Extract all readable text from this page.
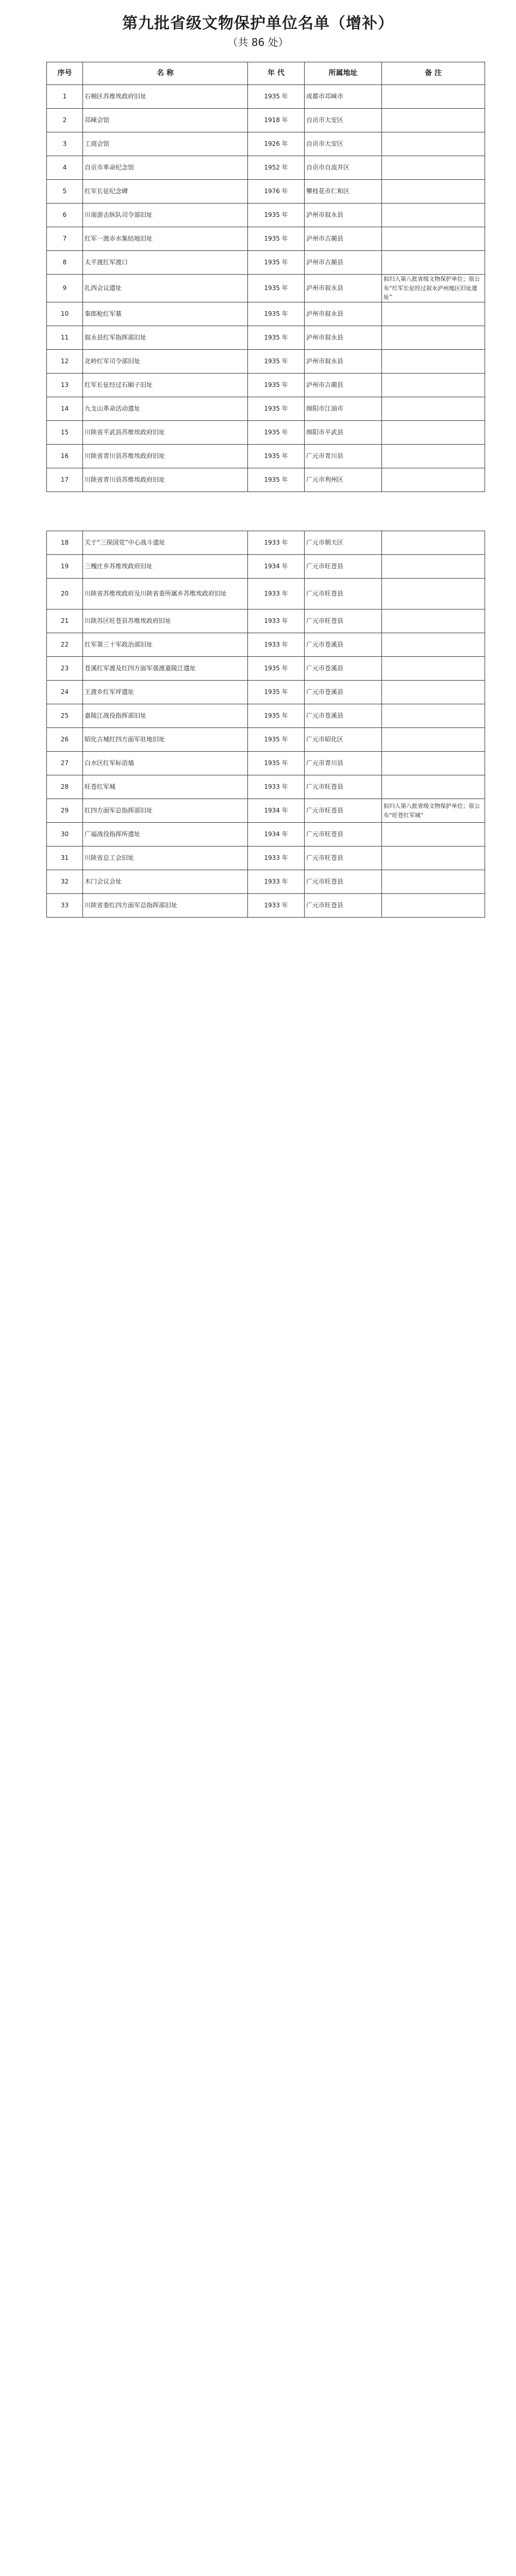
第九批省级文物保护单位名单（增补）
（共 86 处）
序号	名 称	年 代	所属地址	备 注
1	石棉区苏维埃政府旧址	1935 年	成都市邛崃市	
2	邛崃会馆	1918 年	自贡市大安区	
3	工商会馆	1926 年	自贡市大安区	
4	自贡市革命纪念馆	1952 年	自贡市自流井区	
5	红军长征纪念碑	1976 年	攀枝花市仁和区	
6	川南游击纵队司令部旧址	1935 年	泸州市叙永县	
7	红军一渡赤水集结地旧址	1935 年	泸州市古蔺县	
8	太平渡红军渡口	1935 年	泸州市古蔺县	
9	扎西会议遗址	1935 年	泸州市叙永县	拟归入第八批省级文物保护单位；原公布“红军长征经过叙永泸州地区旧址遗址”
10	秦郎枪红军墓	1935 年	泸州市叙永县	
11	叙永县红军指挥部旧址	1935 年	泸州市叙永县	
12	北岭红军司令部旧址	1935 年	泸州市叙永县	
13	红军长征经过石厢子旧址	1935 年	泸州市古蔺县	
14	九支山革命活动遗址	1935 年	绵阳市江油市	
15	川陕省平武县苏维埃政府旧址	1935 年	绵阳市平武县	
16	川陕省青川县苏维埃政府旧址	1935 年	广元市青川县	
17	川陕省青川县苏维埃政府旧址	1935 年	广元市利州区	
18	关于“三保国党”中心战斗遗址	1933 年	广元市朝天区	
19	三槐庄乡苏维埃政府旧址	1934 年	广元市旺苍县	
20	川陕省苏维埃政府及川陕省委所属乡苏维埃政府旧址	1933 年	广元市旺苍县	
21	川陕苏区旺苍县苏维埃政府旧址	1933 年	广元市旺苍县	
22	红军第三十军政治部旧址	1933 年	广元市苍溪县	
23	苍溪红军渡及红四方面军强渡嘉陵江遗址	1935 年	广元市苍溪县	
24	王渡乡红军坪遗址	1935 年	广元市苍溪县	
25	嘉陵江战役指挥部旧址	1935 年	广元市苍溪县	
26	昭化古城红四方面军驻地旧址	1935 年	广元市昭化区	
27	白水区红军标语墙	1935 年	广元市青川县	
28	旺苍红军城	1933 年	广元市旺苍县	
29	红四方面军总指挥部旧址	1934 年	广元市旺苍县	拟归入第八批省级文物保护单位；原公布“旺苍红军城”
30	广福战役指挥所遗址	1934 年	广元市旺苍县	
31	川陕省总工会旧址	1933 年	广元市旺苍县	
32	木门会议会址	1933 年	广元市旺苍县	
33	川陕省委红四方面军总指挥部旧址	1933 年	广元市旺苍县	
